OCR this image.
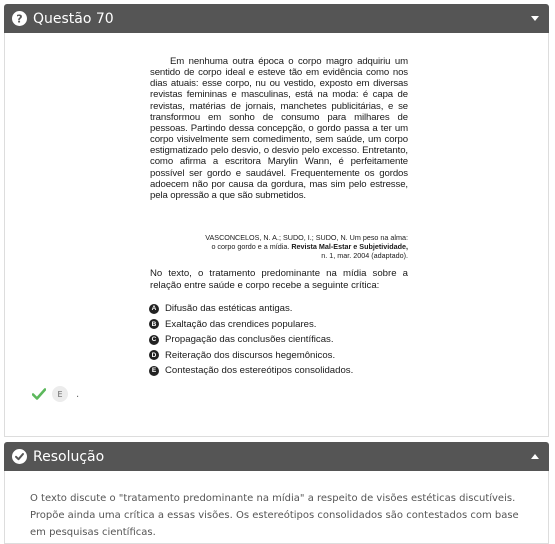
? Questão 70

Em nenhuma outra época o corpo magro adquiriu um sentido de corpo ideal e esteve tão em evidência como nos dias atuais: esse corpo, nu ou vestido, exposto em diversas revistas femininas e masculinas, está na moda: é capa de revistas, matérias de jornais, manchetes publicitárias, e se transformou em sonho de consumo para milhares de pessoas. Partindo dessa concepção, o gordo passa a ter um corpo visivelmente sem comedimento, sem saúde, um corpo estigmatizado pelo desvio, o desvio pelo excesso. Entretanto, como afirma a escritora Marylin Wann, é perfeitamente possível ser gordo e saudável. Frequentemente os gordos adoecem não por causa da gordura, mas sim pelo estresse, pela opressão a que são submetidos.

VASCONCELOS, N. A.; SUDO, I.; SUDO, N. Um peso na alma:
o corpo gordo e a mídia. Revista Mal-Estar e Subjetividade,
n. 1, mar. 2004 (adaptado).

No texto, o tratamento predominante na mídia sobre a relação entre saúde e corpo recebe a seguinte crítica:

A Difusão das estéticas antigas.
B Exaltação das crendices populares.
C Propagação das conclusões científicas.
D Reiteração dos discursos hegemônicos.
E Contestação dos estereótipos consolidados.
E	.
Resolução

O texto discute o "tratamento predominante na mídia" a respeito de visões estéticas discutíveis. Propõe ainda uma crítica a essas visões. Os estereótipos consolidados são contestados com base em pesquisas científicas.
